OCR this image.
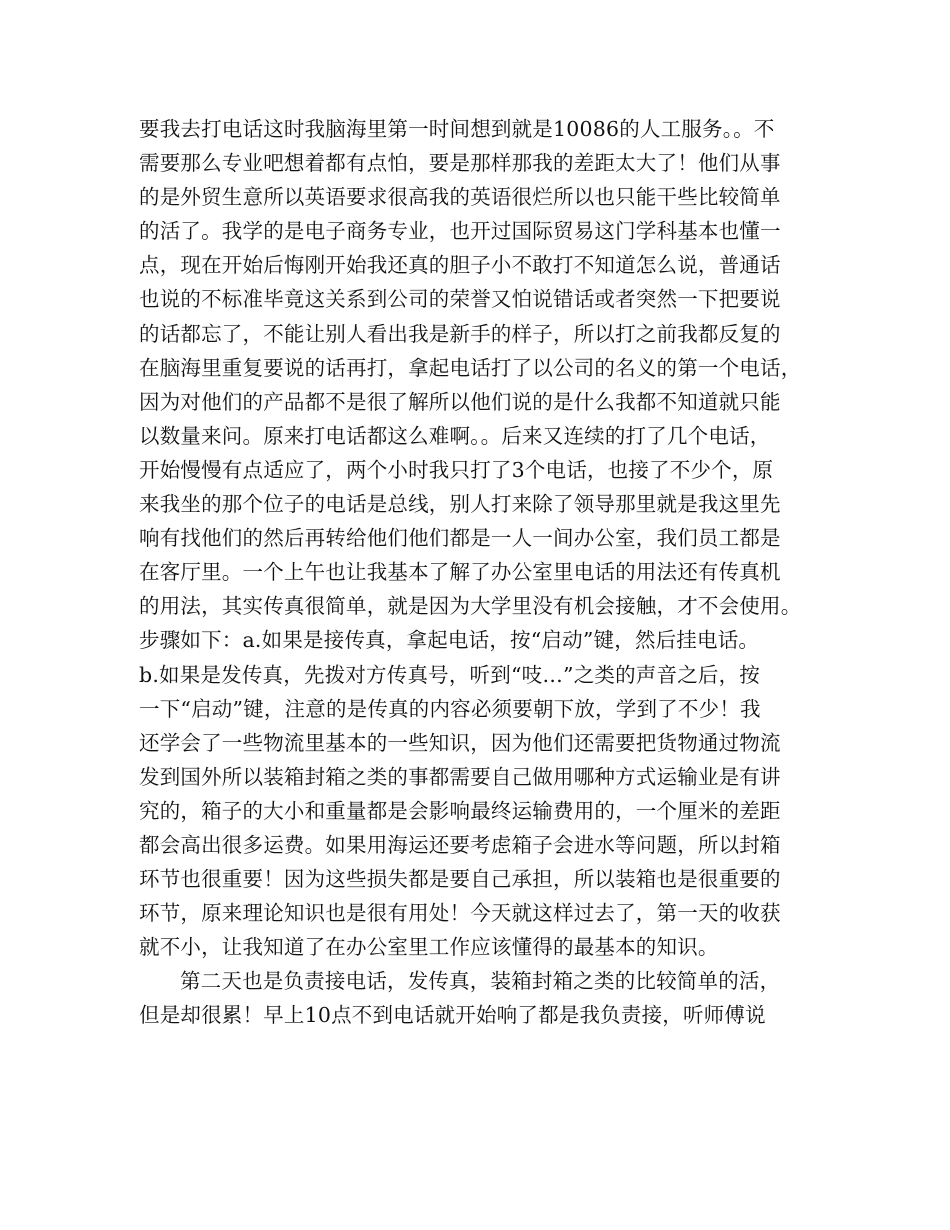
要我去打电话这时我脑海里第一时间想到就是10086的人工服务。。不
需要那么专业吧想着都有点怕，要是那样那我的差距太大了！他们从事
的是外贸生意所以英语要求很高我的英语很烂所以也只能干些比较简单
的活了。我学的是电子商务专业，也开过国际贸易这门学科基本也懂一
点，现在开始后悔刚开始我还真的胆子小不敢打不知道怎么说，普通话
也说的不标准毕竟这关系到公司的荣誉又怕说错话或者突然一下把要说
的话都忘了，不能让别人看出我是新手的样子，所以打之前我都反复的
在脑海里重复要说的话再打，拿起电话打了以公司的名义的第一个电话，
因为对他们的产品都不是很了解所以他们说的是什么我都不知道就只能
以数量来问。原来打电话都这么难啊。。后来又连续的打了几个电话，
开始慢慢有点适应了，两个小时我只打了3个电话，也接了不少个，原
来我坐的那个位子的电话是总线，别人打来除了领导那里就是我这里先
响有找他们的然后再转给他们他们都是一人一间办公室，我们员工都是
在客厅里。一个上午也让我基本了解了办公室里电话的用法还有传真机
的用法，其实传真很简单，就是因为大学里没有机会接触，才不会使用。
步骤如下：a.如果是接传真，拿起电话，按“启动”键，然后挂电话。
b.如果是发传真，先拨对方传真号，听到“吱…”之类的声音之后，按
一下“启动”键，注意的是传真的内容必须要朝下放，学到了不少！我
还学会了一些物流里基本的一些知识，因为他们还需要把货物通过物流
发到国外所以装箱封箱之类的事都需要自己做用哪种方式运输业是有讲
究的，箱子的大小和重量都是会影响最终运输费用的，一个厘米的差距
都会高出很多运费。如果用海运还要考虑箱子会进水等问题，所以封箱
环节也很重要！因为这些损失都是要自己承担，所以装箱也是很重要的
环节，原来理论知识也是很有用处！今天就这样过去了，第一天的收获
就不小，让我知道了在办公室里工作应该懂得的最基本的知识。
第二天也是负责接电话，发传真，装箱封箱之类的比较简单的活，
但是却很累！早上10点不到电话就开始响了都是我负责接，听师傅说
